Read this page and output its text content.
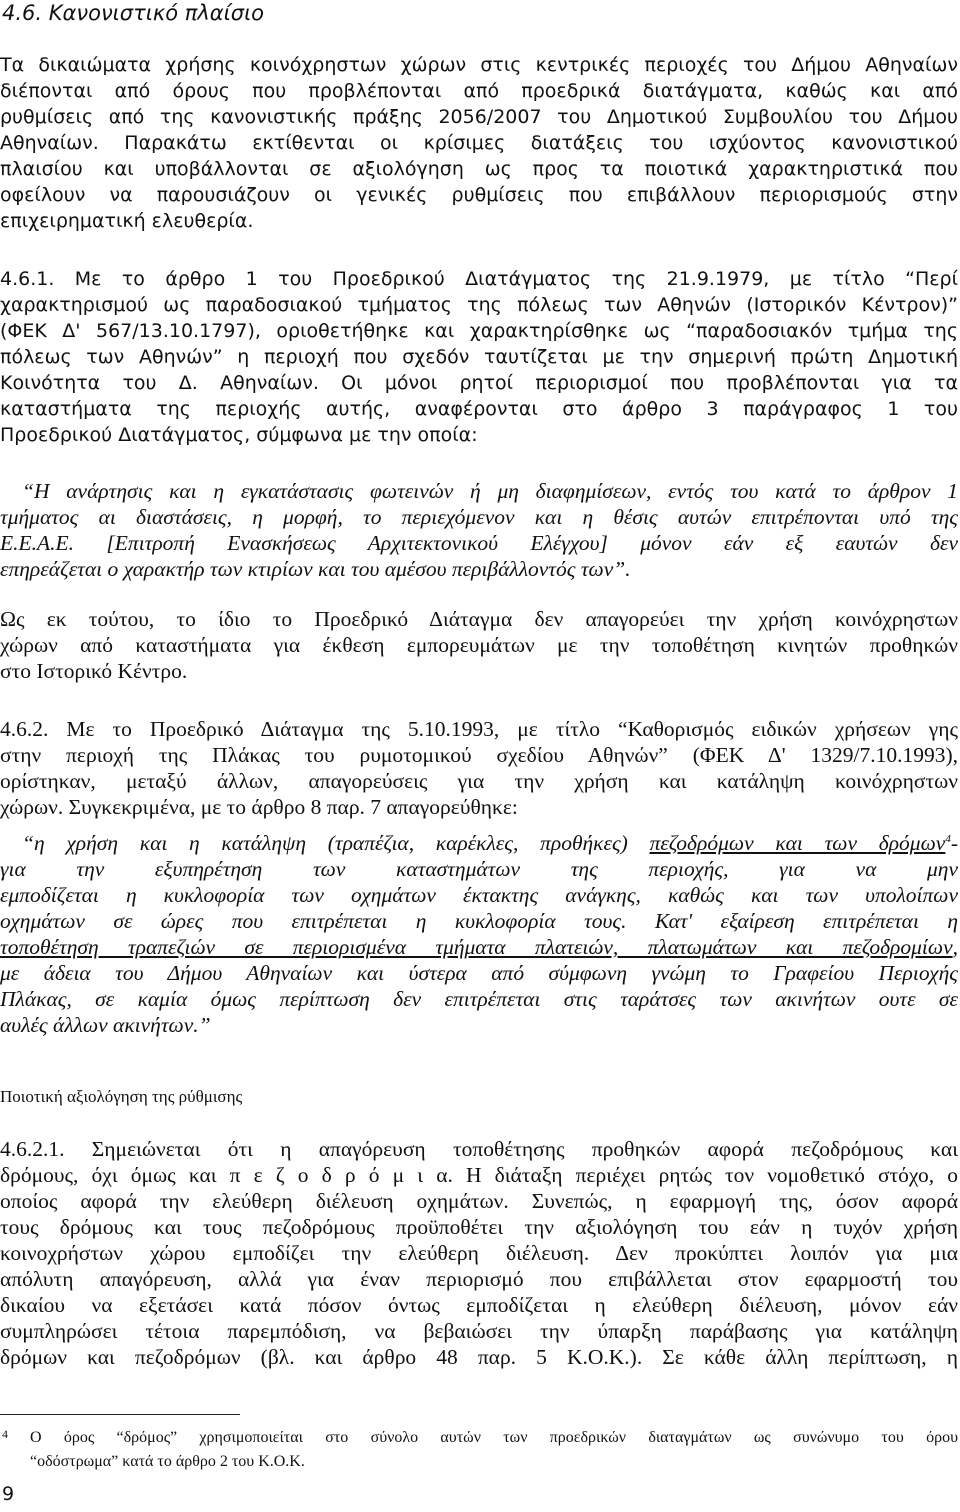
4.6. Κανονιστικό πλαίσιο
Τα δικαιώματα χρήσης κοινόχρηστων χώρων στις κεντρικές περιοχές του Δήμου Αθηναίων
διέπονται από όρους που προβλέπονται από προεδρικά διατάγματα, καθώς και από
ρυθμίσεις από της κανονιστικής πράξης 2056/2007 του Δημοτικού Συμβουλίου του Δήμου
Αθηναίων. Παρακάτω εκτίθενται οι κρίσιμες διατάξεις του ισχύοντος κανονιστικού
πλαισίου και υποβάλλονται σε αξιολόγηση ως προς τα ποιοτικά χαρακτηριστικά που
οφείλουν να παρουσιάζουν οι γενικές ρυθμίσεις που επιβάλλουν περιορισμούς στην
επιχειρηματική ελευθερία.
4.6.1. Με το άρθρο 1 του Προεδρικού Διατάγματος της 21.9.1979, με τίτλο “Περί
χαρακτηρισμού ως παραδοσιακού τμήματος της πόλεως των Αθηνών (Ιστορικόν Κέντρον)”
(ΦΕΚ Δ' 567/13.10.1797), οριοθετήθηκε και χαρακτηρίσθηκε ως “παραδοσιακόν τμήμα της
πόλεως των Αθηνών” η περιοχή που σχεδόν ταυτίζεται με την σημερινή πρώτη Δημοτική
Κοινότητα του Δ. Αθηναίων. Οι μόνοι ρητοί περιορισμοί που προβλέπονται για τα
καταστήματα της περιοχής αυτής, αναφέρονται στο άρθρο 3 παράγραφος 1 του
Προεδρικού Διατάγματος, σύμφωνα με την οποία:
“Η ανάρτησις και η εγκατάστασις φωτεινών ή μη διαφημίσεων, εντός του κατά το άρθρον 1
τμήματος αι διαστάσεις, η μορφή, το περιεχόμενον και η θέσις αυτών επιτρέπονται υπό της
Ε.Ε.Α.Ε. [Επιτροπή Ενασκήσεως Αρχιτεκτονικού Ελέγχου] μόνον εάν εξ εαυτών δεν
επηρεάζεται ο χαρακτήρ των κτιρίων και του αμέσου περιβάλλοντός των”.
Ως εκ τούτου, το ίδιο το Προεδρικό Διάταγμα δεν απαγορεύει την χρήση κοινόχρηστων
χώρων από καταστήματα για έκθεση εμπορευμάτων με την τοποθέτηση κινητών προθηκών
στο Ιστορικό Κέντρο.
4.6.2. Με το Προεδρικό Διάταγμα της 5.10.1993, με τίτλο “Καθορισμός ειδικών χρήσεων γης
στην περιοχή της Πλάκας του ρυμοτομικού σχεδίου Αθηνών” (ΦΕΚ Δ' 1329/7.10.1993),
ορίστηκαν, μεταξύ άλλων, απαγορεύσεις για την χρήση και κατάληψη κοινόχρηστων
χώρων. Συγκεκριμένα, με το άρθρο 8 παρ. 7 απαγορεύθηκε:
“η χρήση και η κατάληψη (τραπέζια, καρέκλες, προθήκες) πεζοδρόμων και των δρόμων$^4$-
για την εξυπηρέτηση των καταστημάτων της περιοχής, για να μην
εμποδίζεται η κυκλοφορία των οχημάτων έκτακτης ανάγκης, καθώς και των υπολοίπων
οχημάτων σε ώρες που επιτρέπεται η κυκλοφορία τους. Κατ' εξαίρεση επιτρέπεται η
τοποθέτηση τραπεζιών σε περιορισμένα τμήματα πλατειών, πλατωμάτων και πεζοδρομίων,
με άδεια του Δήμου Αθηναίων και ύστερα από σύμφωνη γνώμη το Γραφείου Περιοχής
Πλάκας, σε καμία όμως περίπτωση δεν επιτρέπεται στις ταράτσες των ακινήτων ουτε σε
αυλές άλλων ακινήτων.”
Ποιοτική αξιολόγηση της ρύθμισης
4.6.2.1. Σημειώνεται ότι η απαγόρευση τοποθέτησης προθηκών αφορά πεζοδρόμους και
δρόμους, όχι όμως και π ε ζ ο δ ρ ό μ ι α. Η διάταξη περιέχει ρητώς τον νομοθετικό στόχο, ο
οποίος αφορά την ελεύθερη διέλευση οχημάτων. Συνεπώς, η εφαρμογή της, όσον αφορά
τους δρόμους και τους πεζοδρόμους προϋποθέτει την αξιολόγηση του εάν η τυχόν χρήση
κοινοχρήστων χώρου εμποδίζει την ελεύθερη διέλευση. Δεν προκύπτει λοιπόν για μια
απόλυτη απαγόρευση, αλλά για έναν περιορισμό που επιβάλλεται στον εφαρμοστή του
δικαίου να εξετάσει κατά πόσον όντως εμποδίζεται η ελεύθερη διέλευση, μόνον εάν
συμπληρώσει τέτοια παρεμπόδιση, να βεβαιώσει την ύπαρξη παράβασης για κατάληψη
δρόμων και πεζοδρόμων (βλ. και άρθρο 48 παρ. 5 Κ.Ο.Κ.). Σε κάθε άλλη περίπτωση, η
4 Ο όρος “δρόμος” χρησιμοποιείται στο σύνολο αυτών των προεδρικών διαταγμάτων ως συνώνυμο του όρου
“οδόστρωμα” κατά το άρθρο 2 του Κ.Ο.Κ.
9
